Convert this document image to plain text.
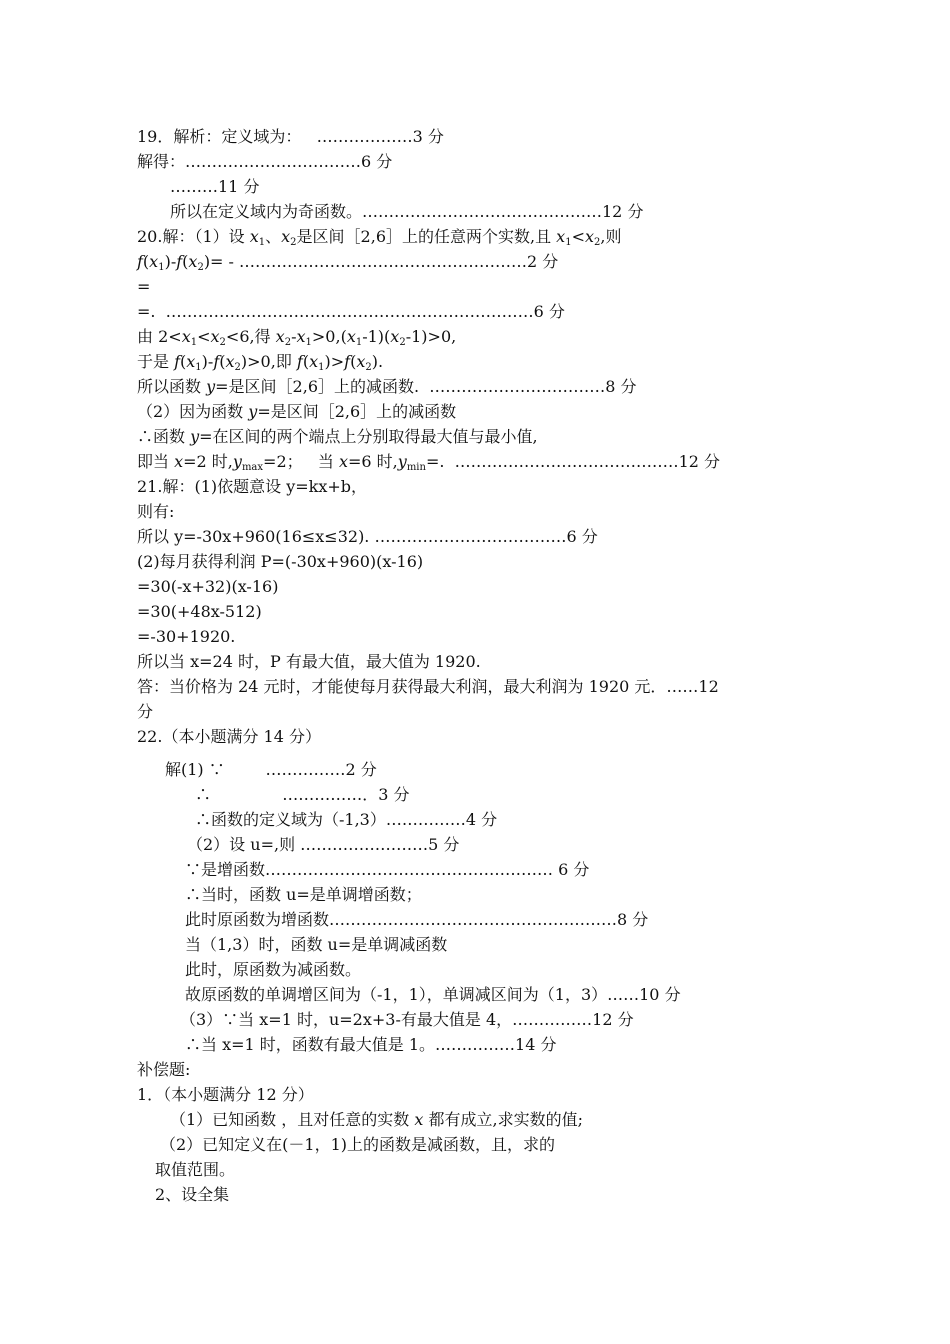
19．解析：定义域为：   ………………3 分
解得：……………………………6 分
………11 分
所以在定义域内为奇函数。………………………………………12 分
20.解：（1）设 $x_1$、$x_2$是区间［2,6］上的任意两个实数,且 $x_1<x_2$,则
$f(x_1)-f(x_2)=$ - ………………………………………………2 分
=
=.  ……………………………………………………………6 分
由 $2<x_1<x_2<6$,得 $x_2-x_1>0,(x_1-1)(x_2-1)>0$,
于是 $f(x_1)-f(x_2)>0$,即 $f(x_1)>f(x_2)$.
所以函数 y=是区间［2,6］上的减函数.  ……………………………8 分
（2）因为函数 y=是区间［2,6］上的减函数
∴函数 y=在区间的两个端点上分别取得最大值与最小值,
即当 x=2 时$,y_{max}=2$；   当 x=6 时$,y_{min}=$.  ……………………………………12 分
21.解：(1)依题意设 y=kx+b，
则有:
所以 y=-30x+960(16≤x≤32). ………………………………6 分
(2)每月获得利润 P=(-30x+960)(x-16)
=30(-x+32)(x-16)
=30(+48x-512)
=-30+1920.
所以当 x=24 时，P 有最大值，最大值为 1920.
答：当价格为 24 元时，才能使每月获得最大利润，最大利润为 1920 元．……12
分
22.（本小题满分 14 分）
解(1) ∵        ……………2 分
∴              ……………．3 分
∴函数的定义域为（-1,3）……………4 分
（2）设 u=,则 ……………………5 分
∵是增函数……………………………………………… 6 分
∴当时，函数 u=是单调增函数；
此时原函数为增函数………………………………………………8 分
当（1,3）时，函数 u=是单调减函数
此时，原函数为减函数。
故原函数的单调增区间为（-1，1），单调减区间为（1，3）……10 分
（3）∵当 x=1 时，u=2x+3-有最大值是 4，……………12 分
∴当 x=1 时，函数有最大值是 1。……………14 分
补偿题:
1．（本小题满分 12 分）
（1）已知函数 ，且对任意的实数 x 都有成立,求实数的值;
（2）已知定义在(－1，1)上的函数是减函数，且，求的
取值范围。
2、设全集
